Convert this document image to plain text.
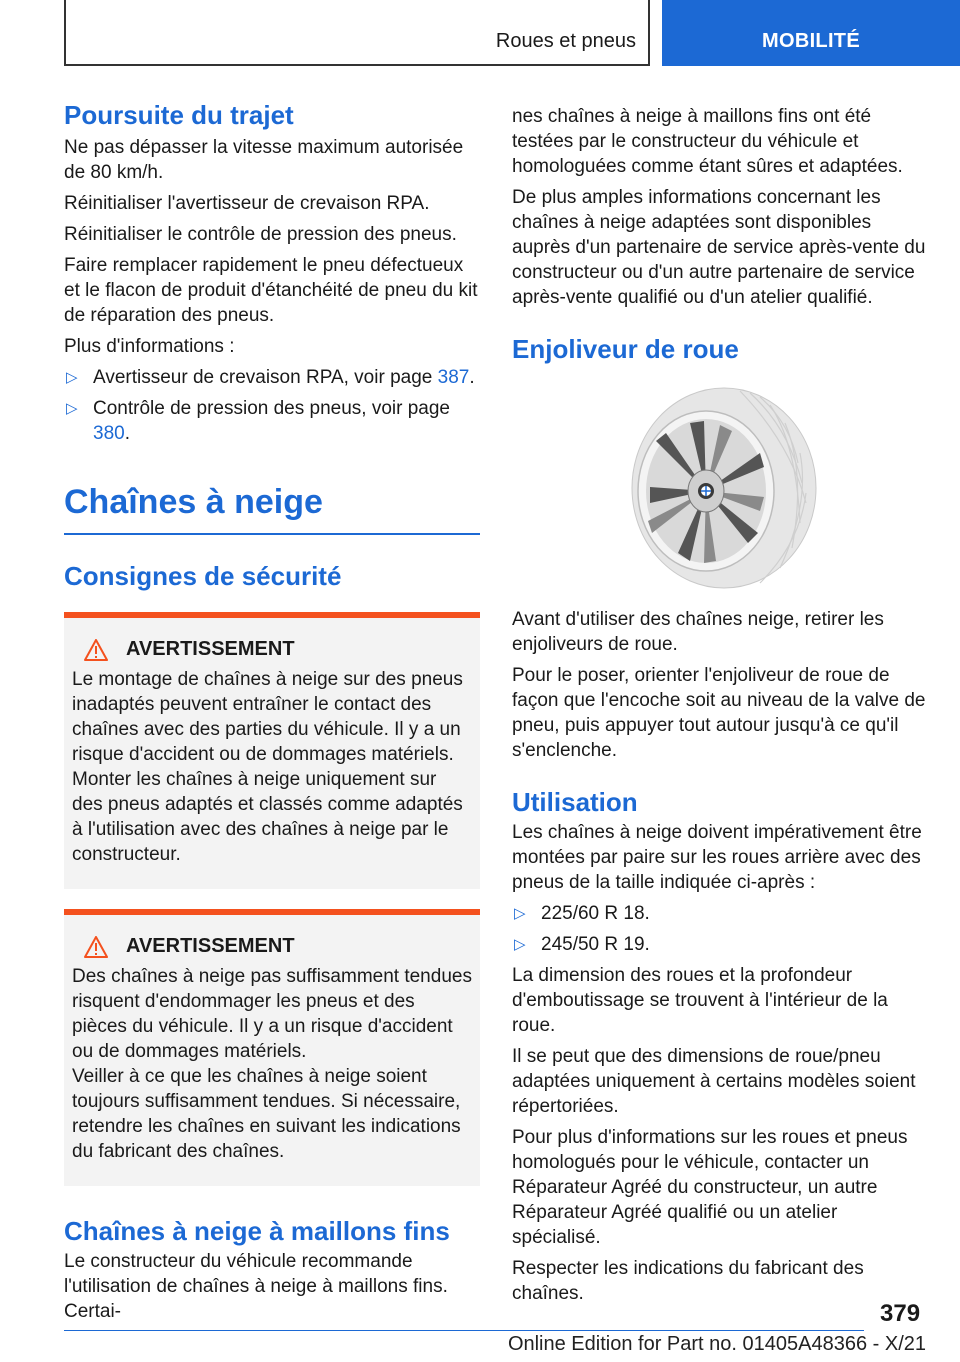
Roues et pneus	MOBILITÉ
Poursuite du trajet

Ne pas dépasser la vitesse maximum autorisée de 80 km/h.

Réinitialiser l'avertisseur de crevaison RPA.

Réinitialiser le contrôle de pression des pneus.

Faire remplacer rapidement le pneu défectueux et le flacon de produit d'étanchéité de pneu du kit de réparation des pneus.

Plus d'informations :

▷ Avertisseur de crevaison RPA, voir page 387.
▷ Contrôle de pression des pneus, voir page 380.
Chaînes à neige
Consignes de sécurité
AVERTISSEMENT

Le montage de chaînes à neige sur des pneus inadaptés peuvent entraîner le contact des chaînes avec des parties du véhicule. Il y a un risque d'accident ou de dommages matériels.

Monter les chaînes à neige uniquement sur des pneus adaptés et classés comme adaptés à l'utilisation avec des chaînes à neige par le constructeur.

AVERTISSEMENT

Des chaînes à neige pas suffisamment tendues risquent d'endommager les pneus et des pièces du véhicule. Il y a un risque d'accident ou de dommages matériels.

Veiller à ce que les chaînes à neige soient toujours suffisamment tendues. Si nécessaire, retendre les chaînes en suivant les indications du fabricant des chaînes.

Chaînes à neige à maillons fins

Le constructeur du véhicule recommande l'utilisation de chaînes à neige à maillons fins. Certai-

nes chaînes à neige à maillons fins ont été testées par le constructeur du véhicule et homologuées comme étant sûres et adaptées.

De plus amples informations concernant les chaînes à neige adaptées sont disponibles auprès d'un partenaire de service après-vente du constructeur ou d'un autre partenaire de service après-vente qualifié ou d'un atelier qualifié.

Enjoliveur de roue

Avant d'utiliser des chaînes neige, retirer les enjoliveurs de roue.

Pour le poser, orienter l'enjoliveur de roue de façon que l'encoche soit au niveau de la valve de pneu, puis appuyer tout autour jusqu'à ce qu'il s'enclenche.

Utilisation

Les chaînes à neige doivent impérativement être montées par paire sur les roues arrière avec des pneus de la taille indiquée ci-après :

▷ 225/60 R 18.
▷ 245/50 R 19.

La dimension des roues et la profondeur d'emboutissage se trouvent à l'intérieur de la roue.

Il se peut que des dimensions de roue/pneu adaptées uniquement à certains modèles soient répertoriées.

Pour plus d'informations sur les roues et pneus homologués pour le véhicule, contacter un Réparateur Agréé du constructeur, un autre Réparateur Agréé qualifié ou un atelier spécialisé.

Respecter les indications du fabricant des chaînes.

379
Online Edition for Part no. 01405A48366 - X/21
